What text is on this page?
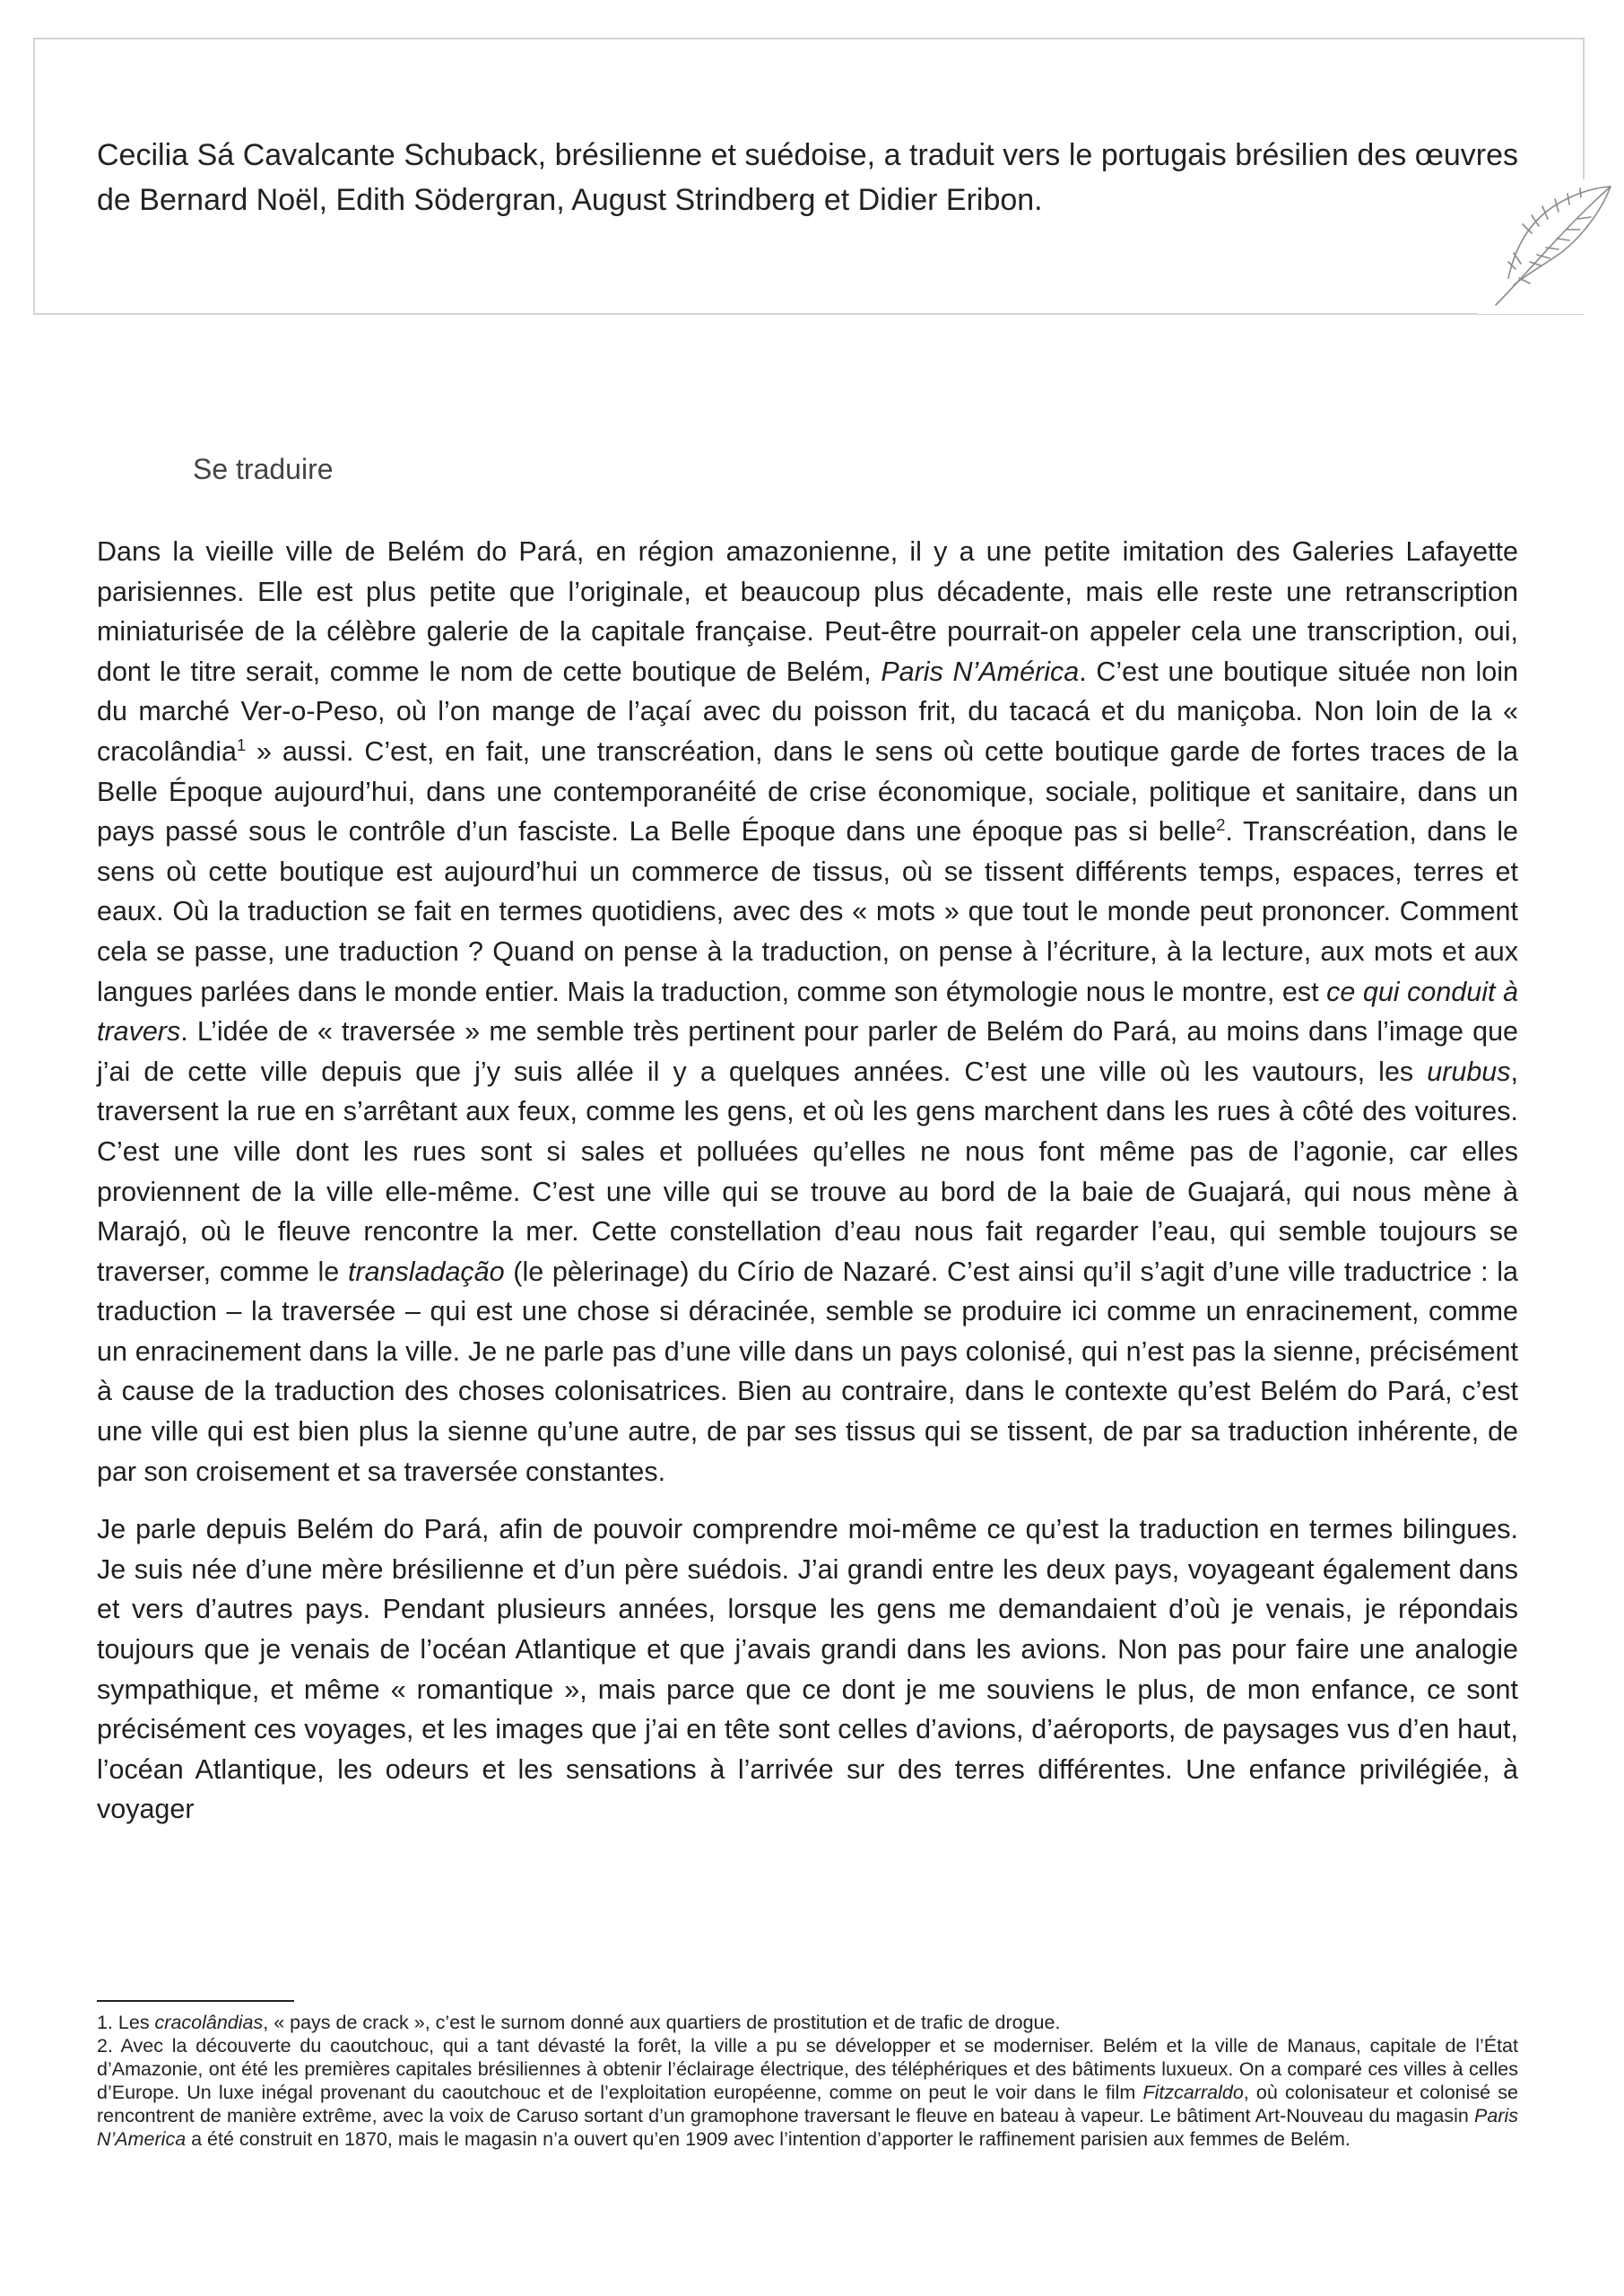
Cecilia Sá Cavalcante Schuback, brésilienne et suédoise, a traduit vers le portugais brésilien des œuvres de Bernard Noël, Edith Södergran, August Strindberg et Didier Eribon.

Se traduire

Dans la vieille ville de Belém do Pará, en région amazonienne, il y a une petite imitation des Galeries Lafayette parisiennes. Elle est plus petite que l’originale, et beaucoup plus décadente, mais elle reste une retranscription miniaturisée de la célèbre galerie de la capitale française. Peut-être pourrait-on appeler cela une transcription, oui, dont le titre serait, comme le nom de cette boutique de Belém, Paris N’América. C’est une boutique située non loin du marché Ver-o-Peso, où l’on mange de l’açaí avec du poisson frit, du tacacá et du maniçoba. Non loin de la « cracolândia$^1$ » aussi. C’est, en fait, une transcréation, dans le sens où cette boutique garde de fortes traces de la Belle Époque aujourd’hui, dans une contemporanéité de crise économique, sociale, politique et sanitaire, dans un pays passé sous le contrôle d’un fasciste. La Belle Époque dans une époque pas si belle$^2$. Transcréation, dans le sens où cette boutique est aujourd’hui un commerce de tissus, où se tissent différents temps, espaces, terres et eaux. Où la traduction se fait en termes quotidiens, avec des « mots » que tout le monde peut prononcer. Comment cela se passe, une traduction ? Quand on pense à la traduction, on pense à l’écriture, à la lecture, aux mots et aux langues parlées dans le monde entier. Mais la traduction, comme son étymologie nous le montre, est ce qui conduit à travers. L’idée de « traversée » me semble très pertinent pour parler de Belém do Pará, au moins dans l’image que j’ai de cette ville depuis que j’y suis allée il y a quelques années. C’est une ville où les vautours, les urubus, traversent la rue en s’arrêtant aux feux, comme les gens, et où les gens marchent dans les rues à côté des voitures. C’est une ville dont les rues sont si sales et polluées qu’elles ne nous font même pas de l’agonie, car elles proviennent de la ville elle-même. C’est une ville qui se trouve au bord de la baie de Guajará, qui nous mène à Marajó, où le fleuve rencontre la mer. Cette constellation d’eau nous fait regarder l’eau, qui semble toujours se traverser, comme le transladação (le pèlerinage) du Círio de Nazaré. C’est ainsi qu’il s’agit d’une ville traductrice : la traduction – la traversée – qui est une chose si déracinée, semble se produire ici comme un enracinement, comme un enracinement dans la ville. Je ne parle pas d’une ville dans un pays colonisé, qui n’est pas la sienne, précisément à cause de la traduction des choses colonisatrices. Bien au contraire, dans le contexte qu’est Belém do Pará, c’est une ville qui est bien plus la sienne qu’une autre, de par ses tissus qui se tissent, de par sa traduction inhérente, de par son croisement et sa traversée constantes.

Je parle depuis Belém do Pará, afin de pouvoir comprendre moi-même ce qu’est la traduction en termes bilingues. Je suis née d’une mère brésilienne et d’un père suédois. J’ai grandi entre les deux pays, voyageant également dans et vers d’autres pays. Pendant plusieurs années, lorsque les gens me demandaient d’où je venais, je répondais toujours que je venais de l’océan Atlantique et que j’avais grandi dans les avions. Non pas pour faire une analogie sympathique, et même « romantique », mais parce que ce dont je me souviens le plus, de mon enfance, ce sont précisément ces voyages, et les images que j’ai en tête sont celles d’avions, d’aéroports, de paysages vus d’en haut, l’océan Atlantique, les odeurs et les sensations à l’arrivée sur des terres différentes. Une enfance privilégiée, à voyager

1. Les cracolândias, « pays de crack », c’est le surnom donné aux quartiers de prostitution et de trafic de drogue.

2. Avec la découverte du caoutchouc, qui a tant dévasté la forêt, la ville a pu se développer et se moderniser. Belém et la ville de Manaus, capitale de l’État d’Amazonie, ont été les premières capitales brésiliennes à obtenir l’éclairage électrique, des téléphériques et des bâtiments luxueux. On a comparé ces villes à celles d’Europe. Un luxe inégal provenant du caoutchouc et de l’exploitation européenne, comme on peut le voir dans le film Fitzcarraldo, où colonisateur et colonisé se rencontrent de manière extrême, avec la voix de Caruso sortant d’un gramophone traversant le fleuve en bateau à vapeur. Le bâtiment Art-Nouveau du magasin Paris N’America a été construit en 1870, mais le magasin n’a ouvert qu’en 1909 avec l’intention d’apporter le raffinement parisien aux femmes de Belém.
